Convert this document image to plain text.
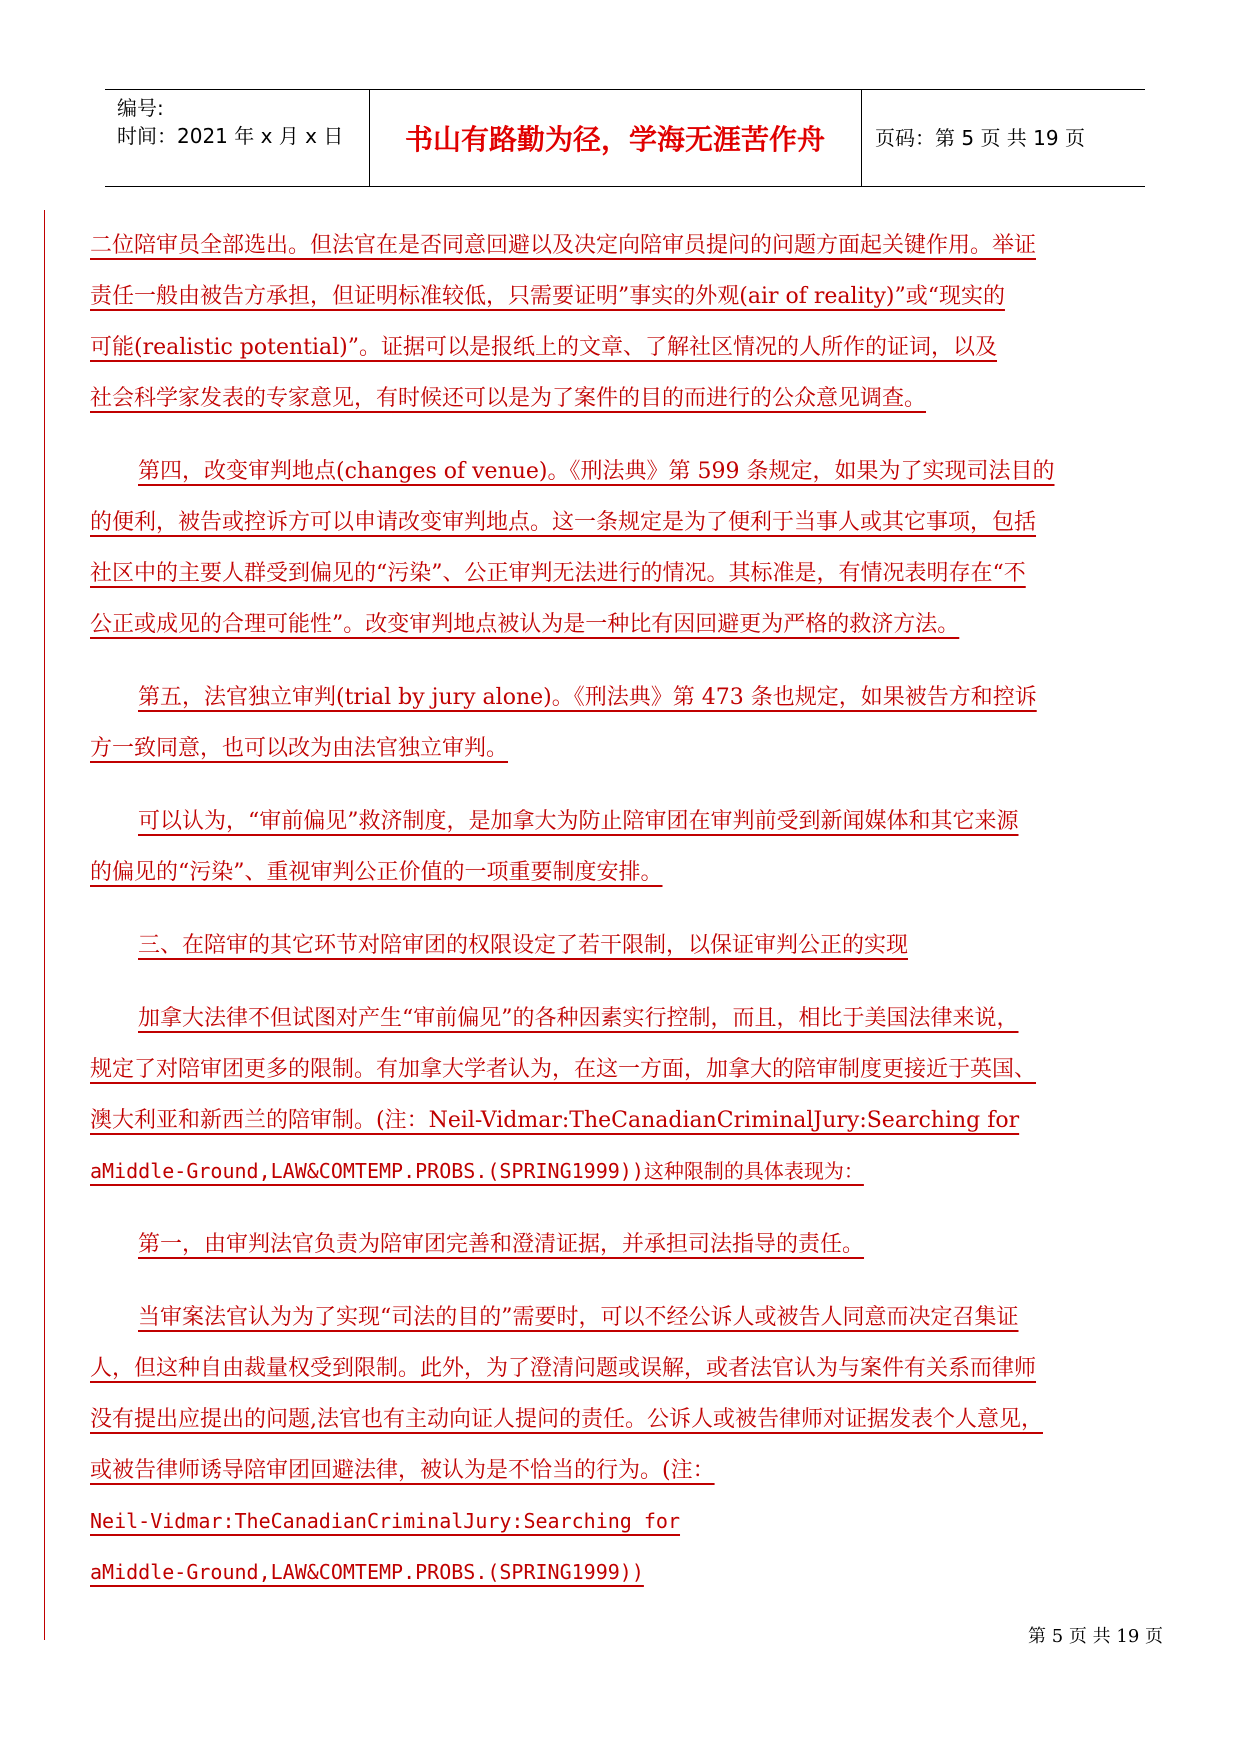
编号:
时间：2021 年 x 月 x 日	书山有路勤为径，学海无涯苦作舟	页码：第 5 页 共 19 页
二位陪审员全部选出。但法官在是否同意回避以及决定向陪审员提问的问题方面起关键作用。举证
责任一般由被告方承担，但证明标准较低，只需要证明”事实的外观(air of reality)”或“现实的
可能(realistic potential)”。证据可以是报纸上的文章、了解社区情况的人所作的证词，以及
社会科学家发表的专家意见，有时候还可以是为了案件的目的而进行的公众意见调查。
第四，改变审判地点(changes of venue)。《刑法典》第 599 条规定，如果为了实现司法目的
的便利，被告或控诉方可以申请改变审判地点。这一条规定是为了便利于当事人或其它事项，包括
社区中的主要人群受到偏见的“污染”、公正审判无法进行的情况。其标准是，有情况表明存在“不
公正或成见的合理可能性”。改变审判地点被认为是一种比有因回避更为严格的救济方法。
第五，法官独立审判(trial by jury alone)。《刑法典》第 473 条也规定，如果被告方和控诉
方一致同意，也可以改为由法官独立审判。
可以认为，“审前偏见”救济制度，是加拿大为防止陪审团在审判前受到新闻媒体和其它来源
的偏见的“污染”、重视审判公正价值的一项重要制度安排。
三、在陪审的其它环节对陪审团的权限设定了若干限制，以保证审判公正的实现
加拿大法律不但试图对产生“审前偏见”的各种因素实行控制，而且，相比于美国法律来说，
规定了对陪审团更多的限制。有加拿大学者认为，在这一方面，加拿大的陪审制度更接近于英国、
澳大利亚和新西兰的陪审制。(注：Neil-Vidmar:TheCanadianCriminalJury:Searching for
aMiddle-Ground,LAW&COMTEMP.PROBS.(SPRING1999))这种限制的具体表现为：
第一，由审判法官负责为陪审团完善和澄清证据，并承担司法指导的责任。
当审案法官认为为了实现“司法的目的”需要时，可以不经公诉人或被告人同意而决定召集证
人，但这种自由裁量权受到限制。此外，为了澄清问题或误解，或者法官认为与案件有关系而律师
没有提出应提出的问题,法官也有主动向证人提问的责任。公诉人或被告律师对证据发表个人意见，
或被告律师诱导陪审团回避法律，被认为是不恰当的行为。(注：
Neil-Vidmar:TheCanadianCriminalJury:Searching for
aMiddle-Ground,LAW&COMTEMP.PROBS.(SPRING1999))
第 5 页 共 19 页
